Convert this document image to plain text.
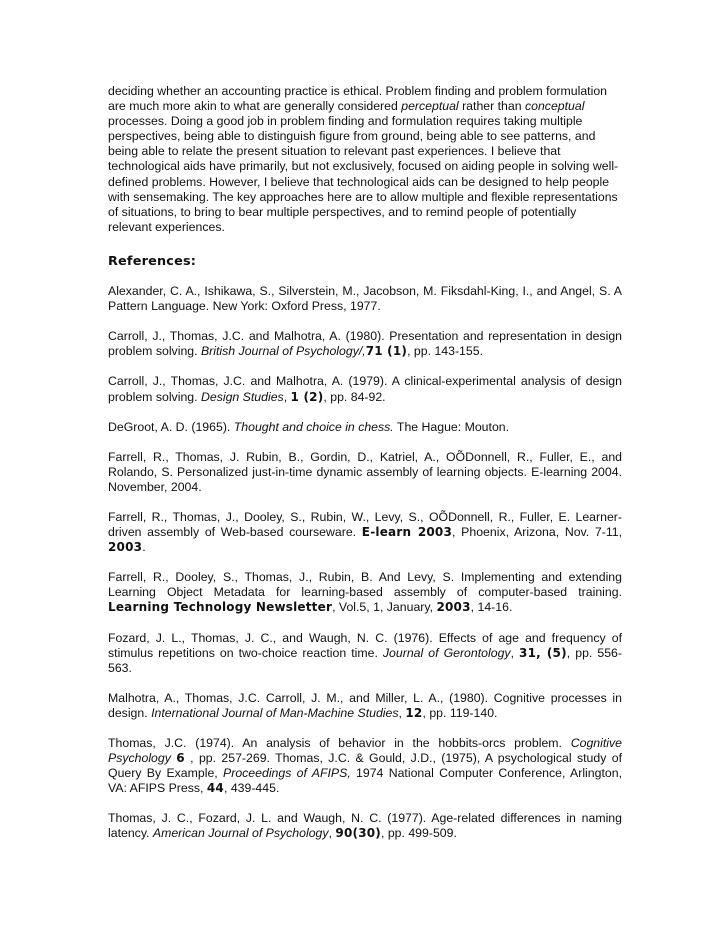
deciding whether an accounting practice is ethical. Problem finding and problem formulation are much more akin to what are generally considered perceptual rather than conceptual processes. Doing a good job in problem finding and formulation requires taking multiple perspectives, being able to distinguish figure from ground, being able to see patterns, and being able to relate the present situation to relevant past experiences. I believe that technological aids have primarily, but not exclusively, focused on aiding people in solving well-defined problems. However, I believe that technological aids can be designed to help people with sensemaking. The key approaches here are to allow multiple and flexible representations of situations, to bring to bear multiple perspectives, and to remind people of potentially relevant experiences.

References:

Alexander, C. A., Ishikawa, S., Silverstein, M., Jacobson, M. Fiksdahl-King, I., and Angel, S. A Pattern Language. New York: Oxford Press, 1977.

Carroll, J., Thomas, J.C. and Malhotra, A. (1980). Presentation and representation in design problem solving. British Journal of Psychology/,71 (1), pp. 143-155.

Carroll, J., Thomas, J.C. and Malhotra, A. (1979). A clinical-experimental analysis of design problem solving. Design Studies, 1 (2), pp. 84-92.

DeGroot, A. D. (1965). Thought and choice in chess. The Hague: Mouton.

Farrell, R., Thomas, J. Rubin, B., Gordin, D., Katriel, A., OÕDonnell, R., Fuller, E., and Rolando, S. Personalized just-in-time dynamic assembly of learning objects. E-learning 2004. November, 2004.

Farrell, R., Thomas, J., Dooley, S., Rubin, W., Levy, S., OÕDonnell, R., Fuller, E. Learner-driven assembly of Web-based courseware. E-learn 2003, Phoenix, Arizona, Nov. 7-11, 2003.

Farrell, R., Dooley, S., Thomas, J., Rubin, B. And Levy, S. Implementing and extending Learning Object Metadata for learning-based assembly of computer-based training. Learning Technology Newsletter, Vol.5, 1, January, 2003, 14-16.

Fozard, J. L., Thomas, J. C., and Waugh, N. C. (1976). Effects of age and frequency of stimulus repetitions on two-choice reaction time. Journal of Gerontology, 31, (5), pp. 556-563.

Malhotra, A., Thomas, J.C. Carroll, J. M., and Miller, L. A., (1980). Cognitive processes in design. International Journal of Man-Machine Studies, 12, pp. 119-140.

Thomas, J.C. (1974). An analysis of behavior in the hobbits-orcs problem. Cognitive Psychology 6 , pp. 257-269. Thomas, J.C. & Gould, J.D., (1975), A psychological study of Query By Example, Proceedings of AFIPS, 1974 National Computer Conference, Arlington, VA: AFIPS Press, 44, 439-445.

Thomas, J. C., Fozard, J. L. and Waugh, N. C. (1977). Age-related differences in naming latency. American Journal of Psychology, 90(30), pp. 499-509.
